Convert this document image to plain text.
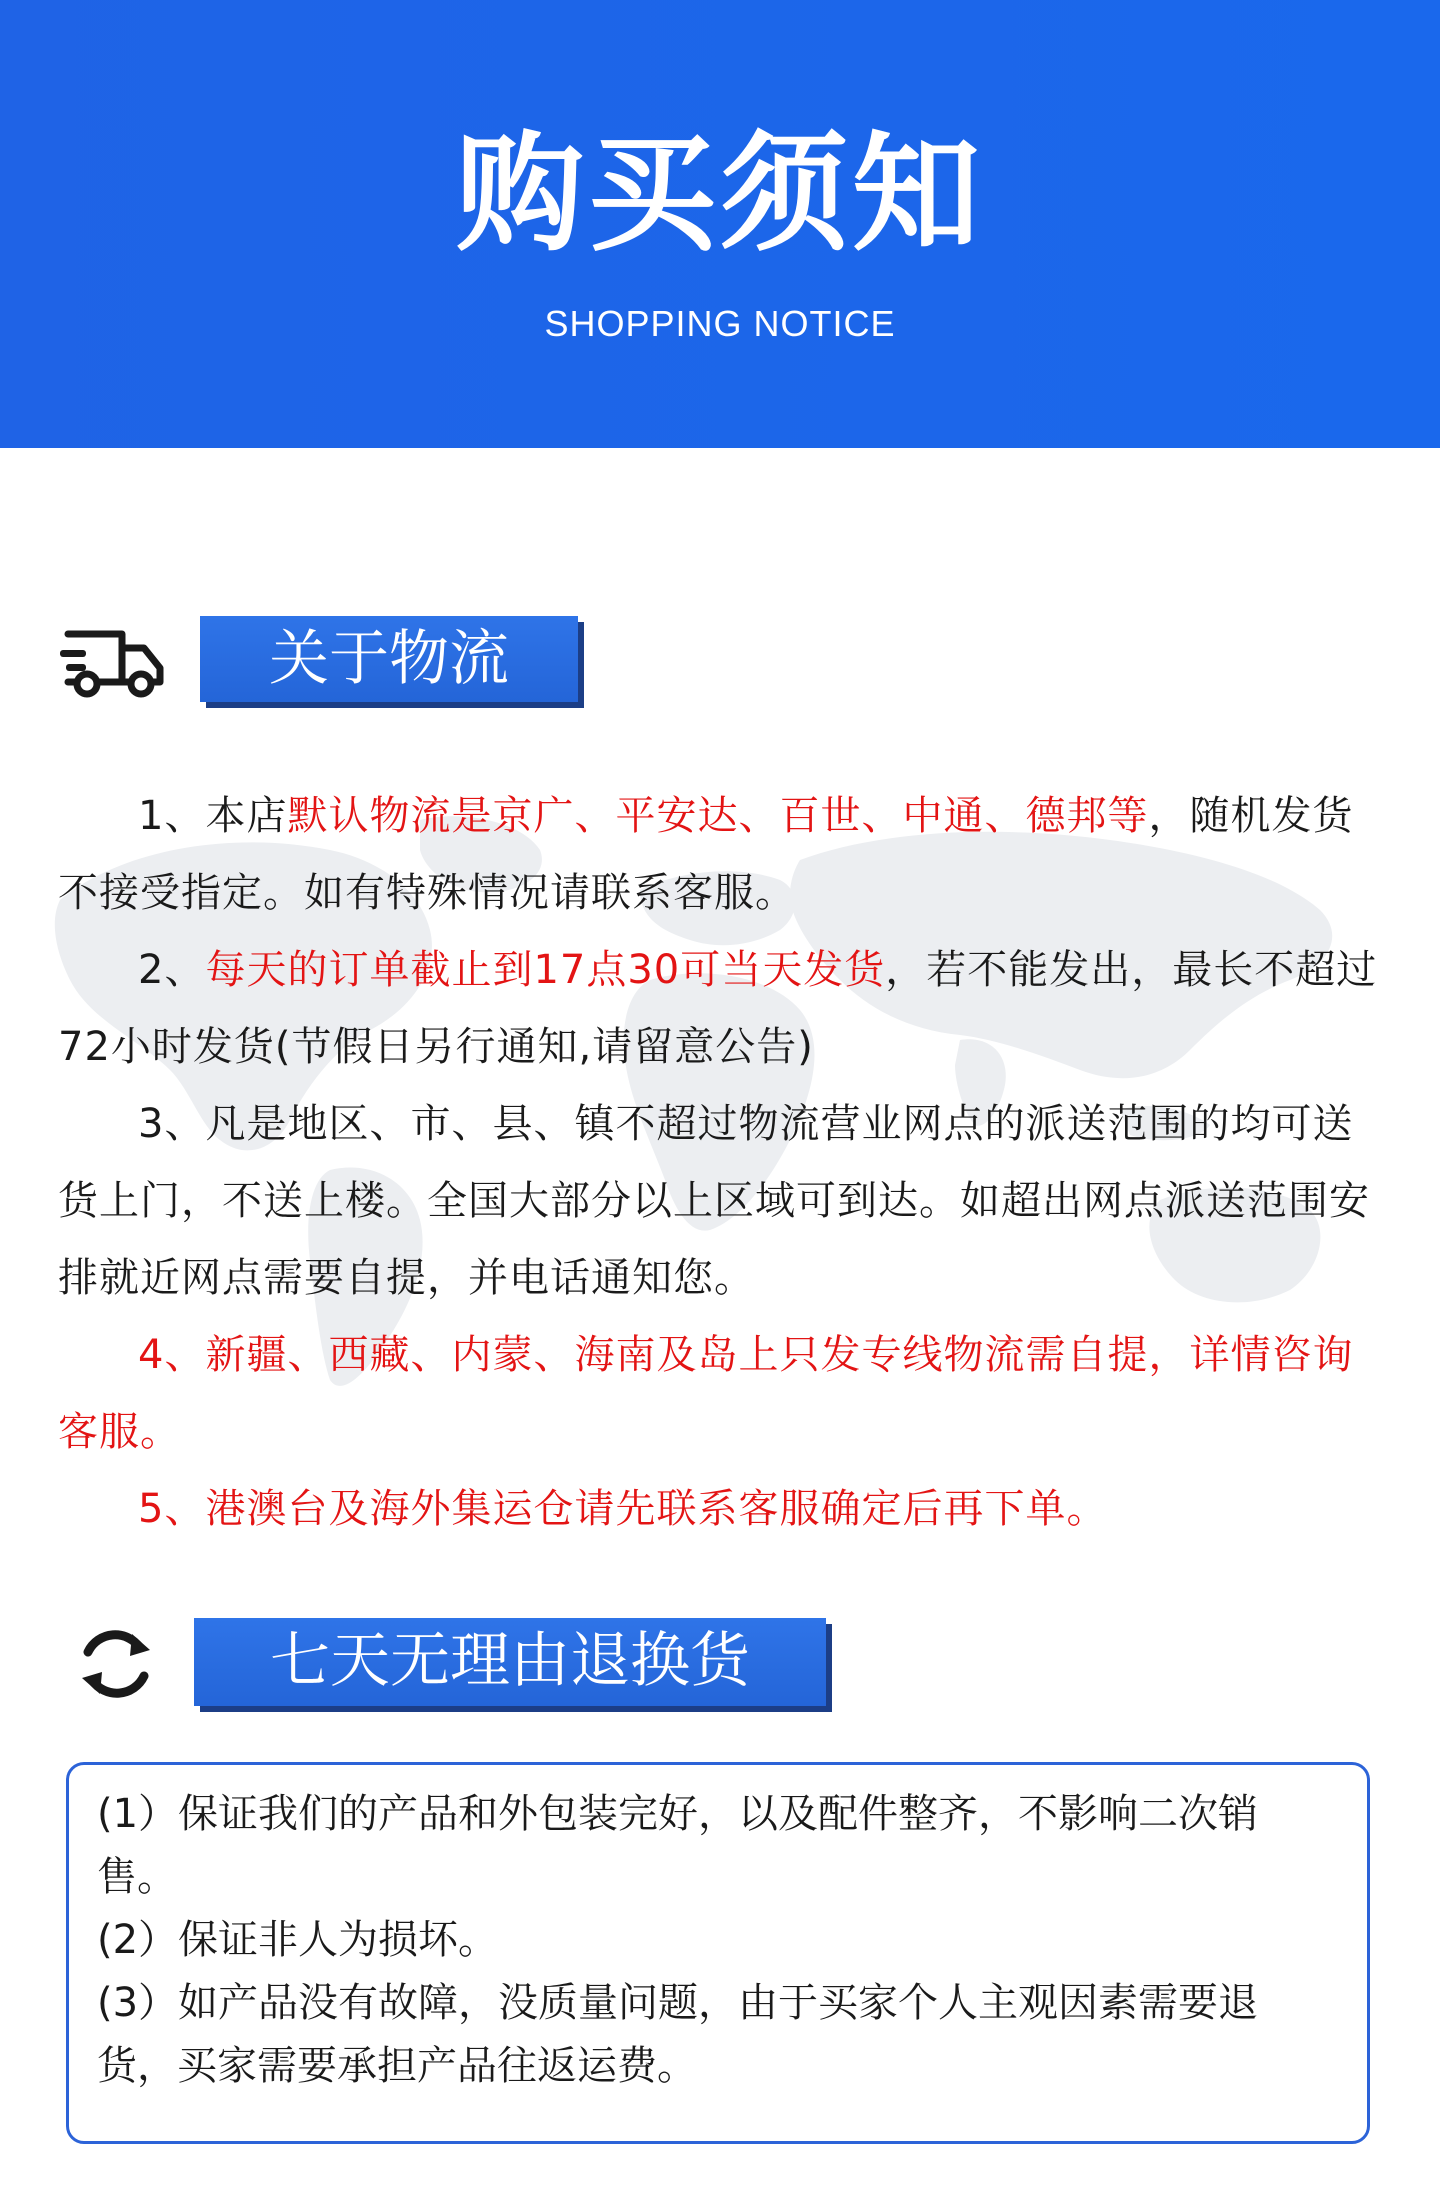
购买须知
SHOPPING NOTICE
关于物流
1、本店默认物流是京广、平安达、百世、中通、德邦等，随机发货不接受指定。如有特殊情况请联系客服。
2、每天的订单截止到17点30可当天发货，若不能发出，最长不超过72小时发货(节假日另行通知,请留意公告)
3、凡是地区、市、县、镇不超过物流营业网点的派送范围的均可送货上门，不送上楼。全国大部分以上区域可到达。如超出网点派送范围安排就近网点需要自提，并电话通知您。
4、新疆、西藏、内蒙、海南及岛上只发专线物流需自提，详情咨询客服。
5、港澳台及海外集运仓请先联系客服确定后再下单。
七天无理由退换货
(1）保证我们的产品和外包装完好，以及配件整齐，不影响二次销售。
(2）保证非人为损坏。
(3）如产品没有故障，没质量问题，由于买家个人主观因素需要退货，买家需要承担产品往返运费。
